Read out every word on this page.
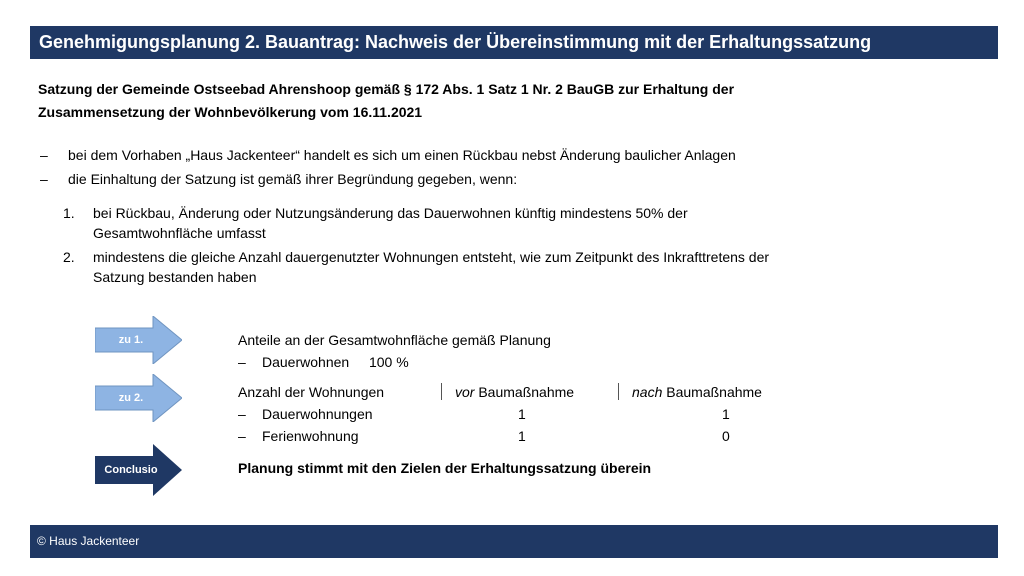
Genehmigungsplanung 2. Bauantrag: Nachweis der Übereinstimmung mit der Erhaltungssatzung
Satzung der Gemeinde Ostseebad Ahrenshoop gemäß § 172 Abs. 1 Satz 1 Nr. 2 BauGB zur Erhaltung der
Zusammensetzung der Wohnbevölkerung vom 16.11.2021
–	bei dem Vorhaben „Haus Jackenteer“ handelt es sich um einen Rückbau nebst Änderung baulicher Anlagen
–	die Einhaltung der Satzung ist gemäß ihrer Begründung gegeben, wenn:
1. bei Rückbau, Änderung oder Nutzungsänderung das Dauerwohnen künftig mindestens 50% der
Gesamtwohnfläche umfasst
2. mindestens die gleiche Anzahl dauergenutzter Wohnungen entsteht, wie zum Zeitpunkt des Inkrafttretens der
Satzung bestanden haben
zu 1.
zu 2.
Conclusio
Anteile an der Gesamtwohnfläche gemäß Planung
– Dauerwohnen 100 %
Anzahl der Wohnungen	vor Baumaßnahme	nach Baumaßnahme
– Dauerwohnungen	1	1
– Ferienwohnung	1	0
Planung stimmt mit den Zielen der Erhaltungssatzung überein
© Haus Jackenteer
